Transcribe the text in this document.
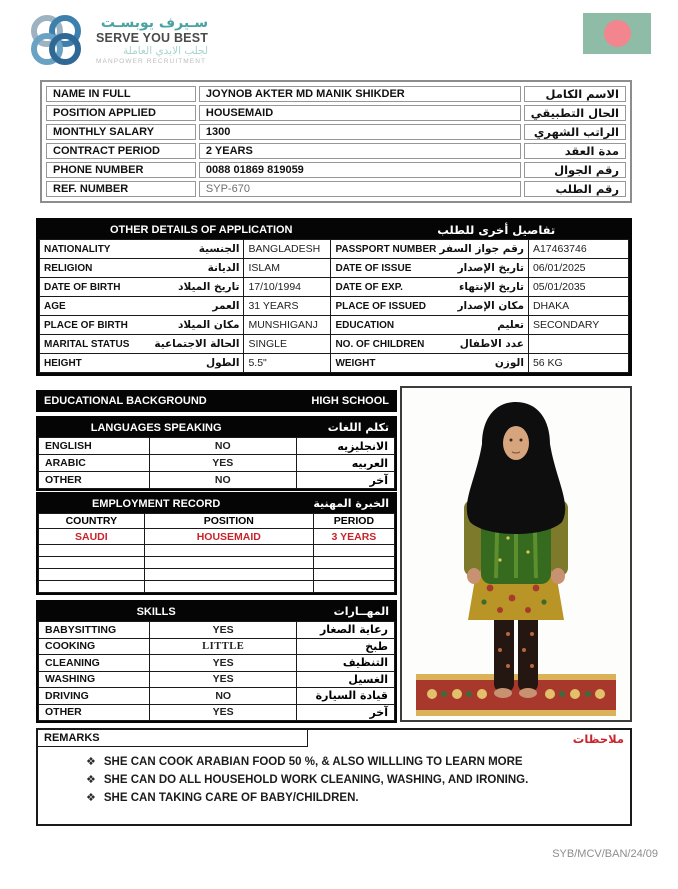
سـيرف يوبسـت
SERVE YOU BEST
لجلب الايدي العاملة
MANPOWER RECRUITMENT
NAME IN FULL	JOYNOB AKTER MD MANIK SHIKDER	الاسم الكامل
POSITION APPLIED	HOUSEMAID	الحال التطبيقي
MONTHLY SALARY	1300	الراتب الشهري
CONTRACT PERIOD	2 YEARS	مدة العقد
PHONE NUMBER	0088 01869 819059	رقم الجوال
REF. NUMBER	SYP-670	رقم الطلب
OTHER DETAILS OF APPLICATION	تفاصيل أخرى للطلب
NATIONALITY الجنسية	BANGLADESH	PASSPORT NUMBER رقم جواز السفر	A17463746

RELIGION الديانة	ISLAM	DATE OF ISSUE تاريخ الإصدار	06/01/2025

DATE OF BIRTH تاريخ الميلاد	17/10/1994	DATE OF EXP. تاريخ الإنتهاء	05/01/2035

AGE العمر	31 YEARS	PLACE OF ISSUED مكان الإصدار	DHAKA

PLACE OF BIRTH مكان الميلاد	MUNSHIGANJ	EDUCATION تعليم	SECONDARY

MARITAL STATUS الحالة الاجتماعية	SINGLE	NO. OF CHILDREN عدد الاطفال	

HEIGHT الطول	5.5"	WEIGHT الوزن	56 KG
EDUCATIONAL BACKGROUND	HIGH SCHOOL
LANGUAGES SPEAKING	تكلم اللغات
ENGLISH	NO	الانجليزيه
ARABIC	YES	العربيه
OTHER	NO	آخر
EMPLOYMENT RECORD	الخبرة المهنية
COUNTRY	POSITION	PERIOD
SAUDI	HOUSEMAID	3 YEARS

SKILLS	المهــارات
BABYSITTING	YES	رعاية الصغار
COOKING	LITTLE	طبخ
CLEANING	YES	التنظيف
WASHING	YES	الغسيل
DRIVING	NO	قيادة السيارة
OTHER	YES	آخر
REMARKS	ملاحظات
❖ SHE CAN COOK ARABIAN FOOD 50 %, & ALSO WILLLING TO LEARN MORE
❖ SHE CAN DO ALL HOUSEHOLD WORK CLEANING, WASHING, AND IRONING.
❖ SHE CAN TAKING CARE OF BABY/CHILDREN.
SYB/MCV/BAN/24/09
